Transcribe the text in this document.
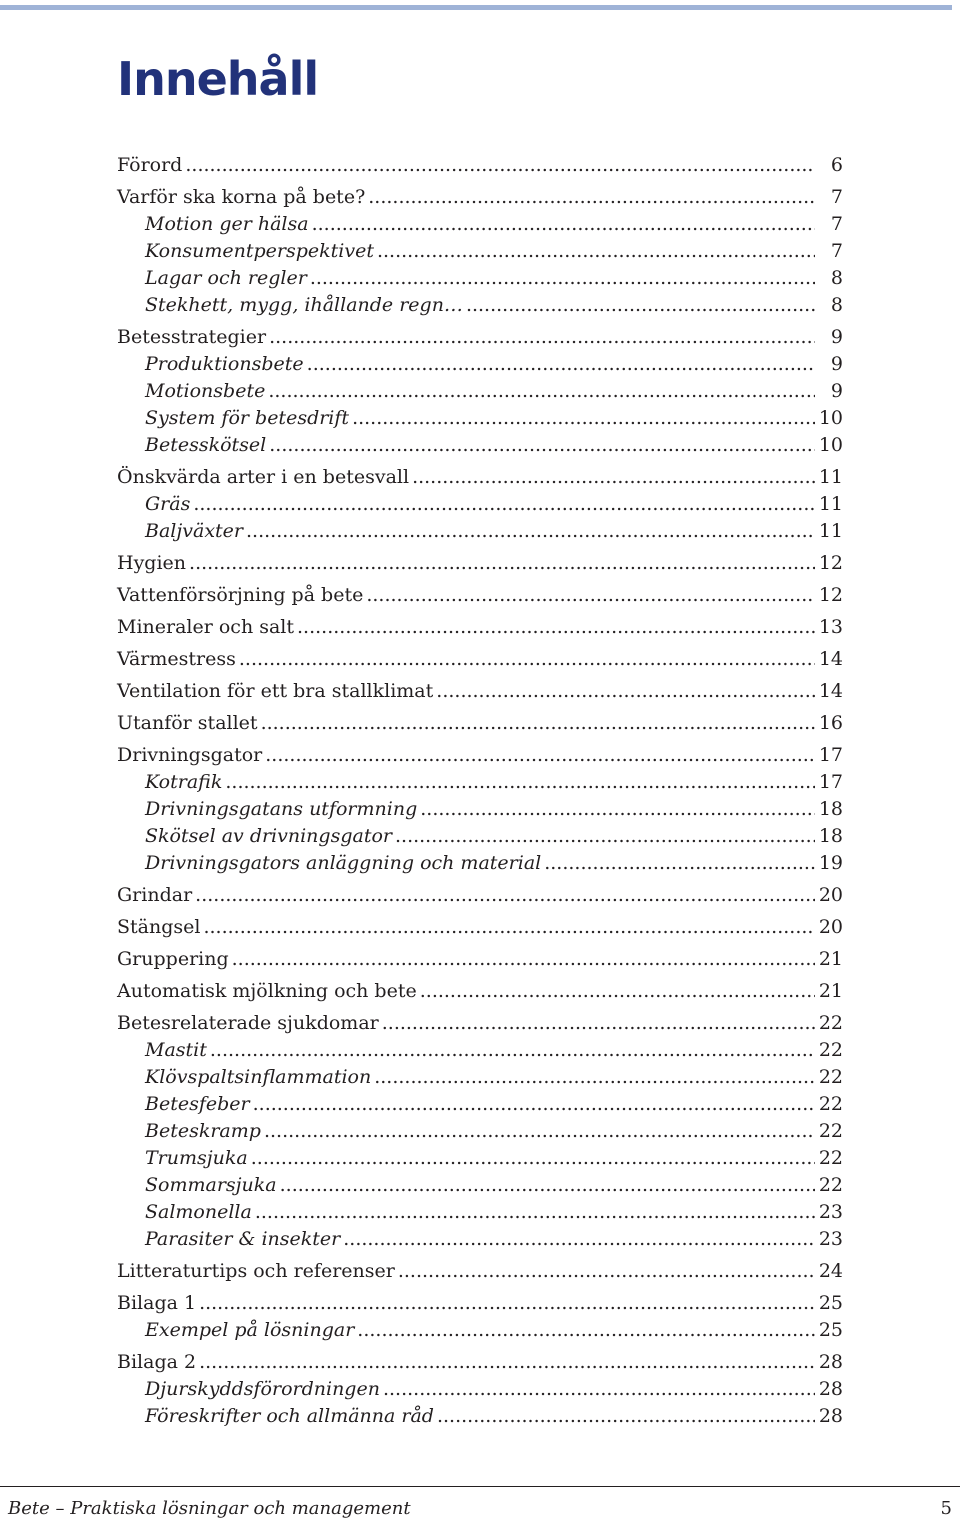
Innehåll
Förord .....	6
Varför ska korna på bete? .....	7
Motion ger hälsa .....	7
Konsumentperspektivet .....	7
Lagar och regler .....	8
Stekhett, mygg, ihållande regn… .....	8
Betesstrategier .....	9
Produktionsbete .....	9
Motionsbete .....	9
System för betesdrift .....	10
Betesskötsel .....	10
Önskvärda arter i en betesvall .....	11
Gräs .....	11
Baljväxter .....	11
Hygien .....	12
Vattenförsörjning på bete .....	12
Mineraler och salt .....	13
Värmestress .....	14
Ventilation för ett bra stallklimat .....	14
Utanför stallet .....	16
Drivningsgator .....	17
Kotrafik .....	17
Drivningsgatans utformning .....	18
Skötsel av drivningsgator .....	18
Drivningsgators anläggning och material .....	19
Grindar .....	20
Stängsel .....	20
Gruppering .....	21
Automatisk mjölkning och bete .....	21
Betesrelaterade sjukdomar .....	22
Mastit .....	22
Klövspaltsinflammation .....	22
Betesfeber .....	22
Beteskramp .....	22
Trumsjuka .....	22
Sommarsjuka .....	22
Salmonella .....	23
Parasiter & insekter .....	23
Litteraturtips och referenser .....	24
Bilaga 1 .....	25
Exempel på lösningar .....	25
Bilaga 2 .....	28
Djurskyddsförordningen .....	28
Föreskrifter och allmänna råd .....	28
Bete – Praktiska lösningar och management	5
